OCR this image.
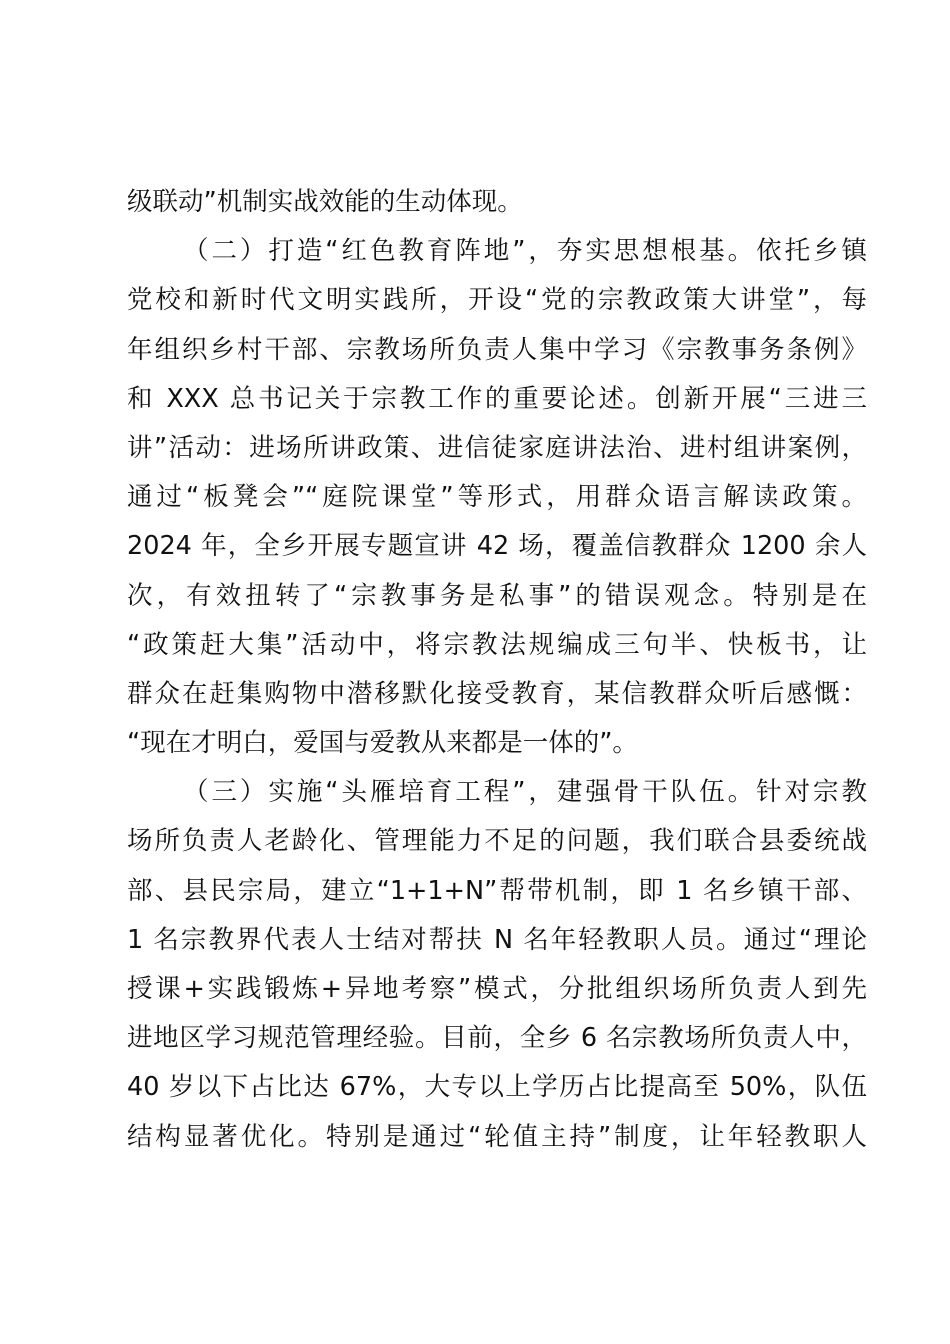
级联动”机制实战效能的生动体现。
（二）打造“红色教育阵地”，夯实思想根基。依托乡镇
党校和新时代文明实践所，开设“党的宗教政策大讲堂”，每
年组织乡村干部、宗教场所负责人集中学习《宗教事务条例》
和 XXX 总书记关于宗教工作的重要论述。创新开展“三进三
讲”活动：进场所讲政策、进信徒家庭讲法治、进村组讲案例，
通过“板凳会”“庭院课堂”等形式，用群众语言解读政策。
2024 年，全乡开展专题宣讲 42 场，覆盖信教群众 1200 余人
次，有效扭转了“宗教事务是私事”的错误观念。特别是在
“政策赶大集”活动中，将宗教法规编成三句半、快板书，让
群众在赶集购物中潜移默化接受教育，某信教群众听后感慨：
“现在才明白，爱国与爱教从来都是一体的”。
（三）实施“头雁培育工程”，建强骨干队伍。针对宗教
场所负责人老龄化、管理能力不足的问题，我们联合县委统战
部、县民宗局，建立“1+1+N”帮带机制，即 1 名乡镇干部、
1 名宗教界代表人士结对帮扶 N 名年轻教职人员。通过“理论
授课+实践锻炼+异地考察”模式，分批组织场所负责人到先
进地区学习规范管理经验。目前，全乡 6 名宗教场所负责人中，
40 岁以下占比达 67%，大专以上学历占比提高至 50%，队伍
结构显著优化。特别是通过“轮值主持”制度，让年轻教职人
